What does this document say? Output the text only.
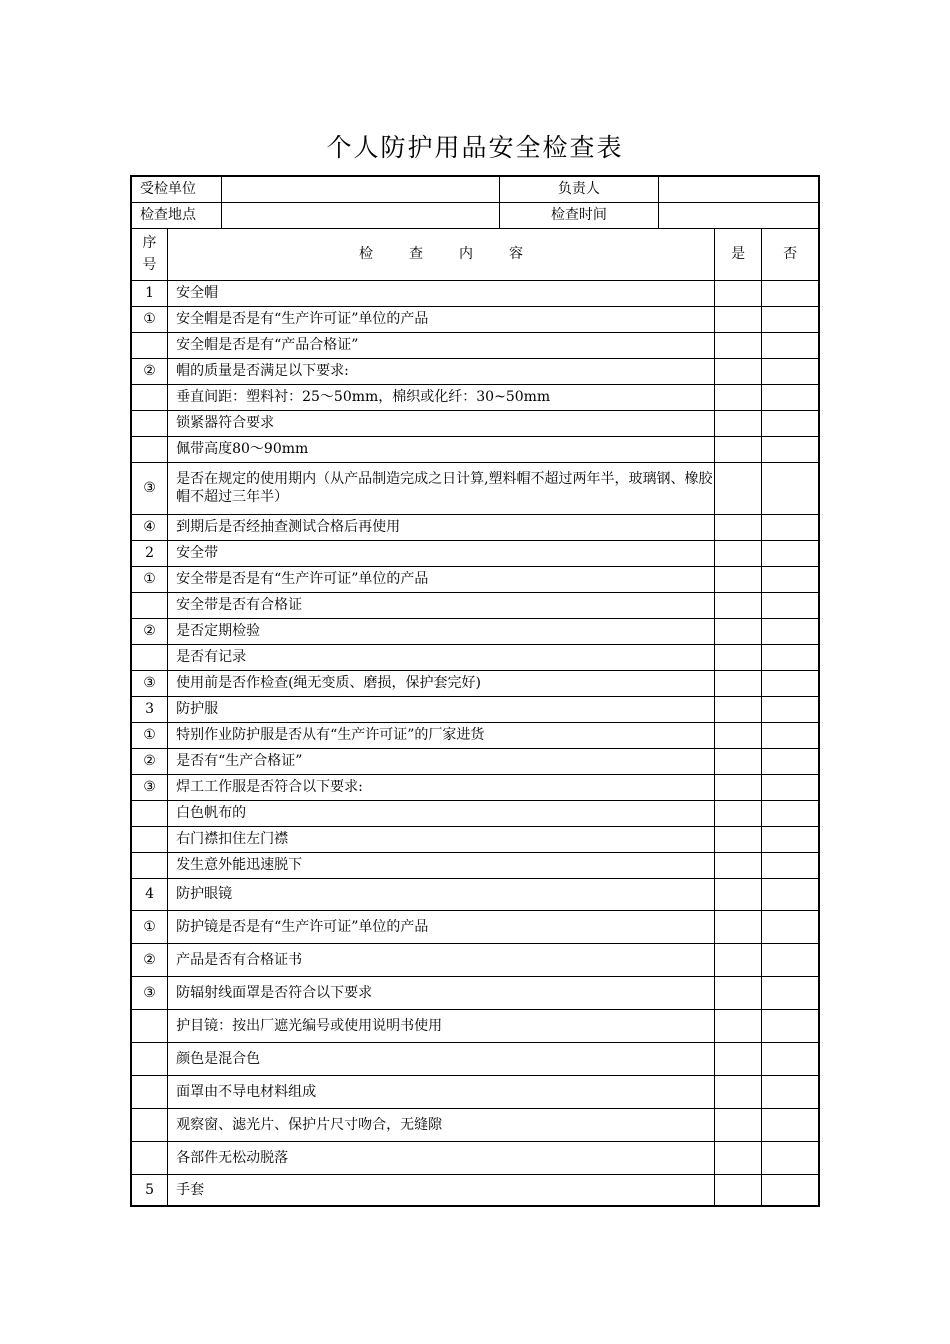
个人防护用品安全检查表
受检单位			负责人			
检查地点			检查时间			

序
号	检查内容				是	否
1	安全帽					
①	安全帽是否是有“生产许可证”单位的产品					
	安全帽是否是有“产品合格证”					
②	帽的质量是否满足以下要求:					
	垂直间距：塑料衬：25～50mm，棉织或化纤：30~50mm					
	锁紧器符合要求					
	佩带高度80～90mm					
③	是否在规定的使用期内（从产品制造完成之日计算,塑料帽不超过两年半，玻璃钢、橡胶帽不超过三年半）					
④	到期后是否经抽查测试合格后再使用					
2	安全带					
①	安全带是否是有“生产许可证”单位的产品					
	安全带是否有合格证					
②	是否定期检验					
	是否有记录					
③	使用前是否作检查(绳无变质、磨损，保护套完好)					
3	防护服					
①	特别作业防护服是否从有“生产许可证”的厂家进货					
②	是否有“生产合格证”					
③	焊工工作服是否符合以下要求:					
	白色帆布的					
	右门襟扣住左门襟					
	发生意外能迅速脱下					
4	防护眼镜					
①	防护镜是否是有“生产许可证”单位的产品					
②	产品是否有合格证书					
③	防辐射线面罩是否符合以下要求					
	护目镜：按出厂遮光编号或使用说明书使用					
	颜色是混合色					
	面罩由不导电材料组成					
	观察窗、滤光片、保护片尺寸吻合，无缝隙					
	各部件无松动脱落					
5	手套					
